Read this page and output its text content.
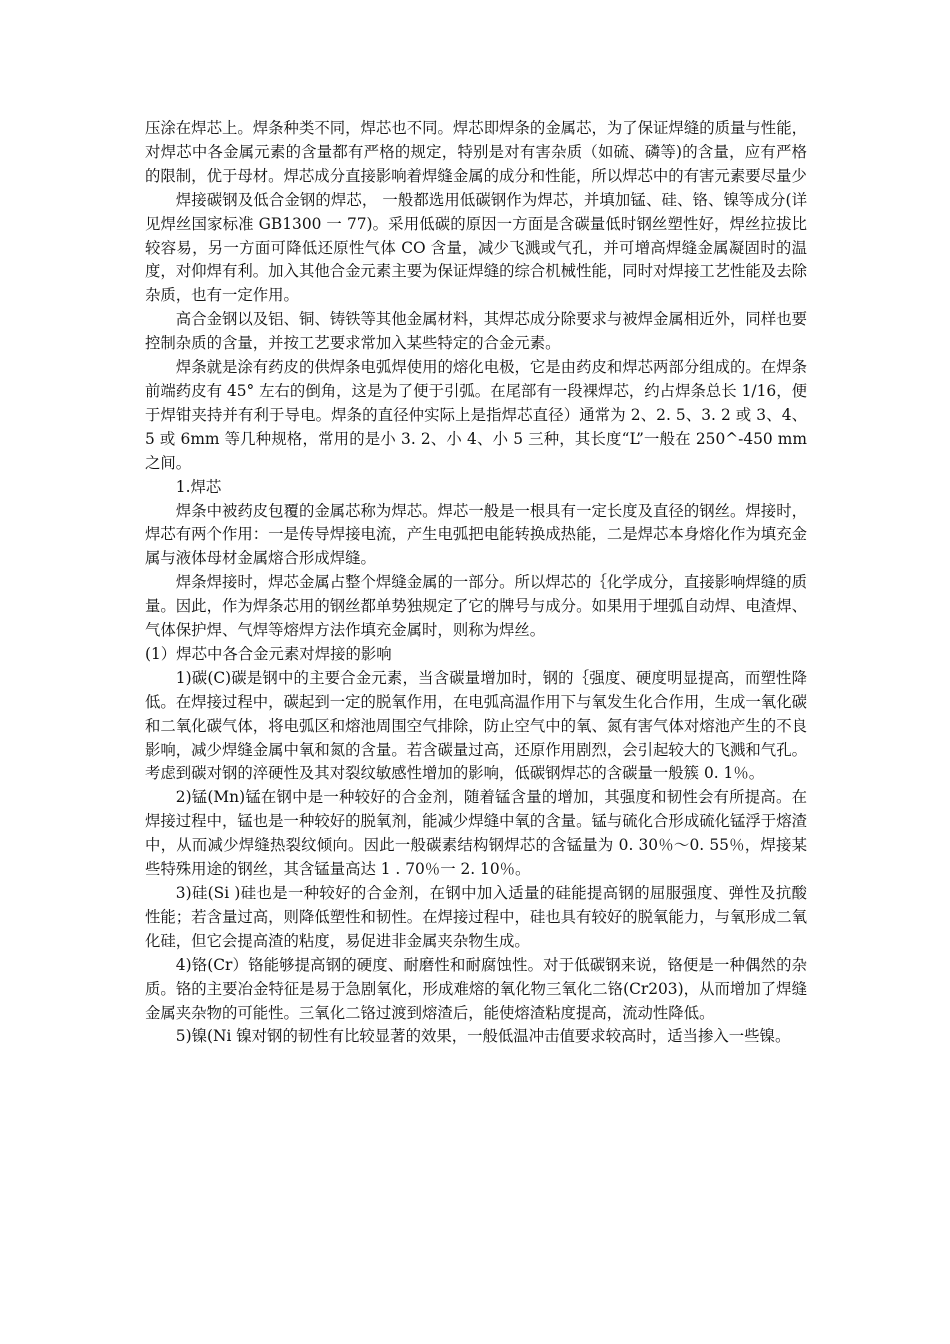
压涂在焊芯上。焊条种类不同，焊芯也不同。焊芯即焊条的金属芯，为了保证焊缝的质量与性能，对焊芯中各金属元素的含量都有严格的规定，特别是对有害杂质（如硫、磷等)的含量，应有严格的限制，优于母材。焊芯成分直接影响着焊缝金属的成分和性能，所以焊芯中的有害元素要尽量少

焊接碳钢及低合金钢的焊芯， 一般都选用低碳钢作为焊芯，并填加锰、硅、铬、镍等成分(详见焊丝国家标准 GB1300 一 77)。采用低碳的原因一方面是含碳量低时钢丝塑性好，焊丝拉拔比较容易，另一方面可降低还原性气体 CO 含量，减少飞溅或气孔，并可增高焊缝金属凝固时的温度，对仰焊有利。加入其他合金元素主要为保证焊缝的综合机械性能，同时对焊接工艺性能及去除杂质，也有一定作用。

高合金钢以及铝、铜、铸铁等其他金属材料，其焊芯成分除要求与被焊金属相近外，同样也要控制杂质的含量，并按工艺要求常加入某些特定的合金元素。

焊条就是涂有药皮的供焊条电弧焊使用的熔化电极，它是由药皮和焊芯两部分组成的。在焊条前端药皮有 45° 左右的倒角，这是为了便于引弧。在尾部有一段裸焊芯，约占焊条总长 1/16，便于焊钳夹持并有利于导电。焊条的直径仲实际上是指焊芯直径）通常为 2、2. 5、3. 2 或 3、4、5 或 6mm 等几种规格，常用的是小 3. 2、小 4、小 5 三种，其长度“L”一般在 250^-450 mm 之间。

1.焊芯

焊条中被药皮包覆的金属芯称为焊芯。焊芯一般是一根具有一定长度及直径的钢丝。焊接时，焊芯有两个作用：一是传导焊接电流，产生电弧把电能转换成热能，二是焊芯本身熔化作为填充金属与液体母材金属熔合形成焊缝。

焊条焊接时，焊芯金属占整个焊缝金属的一部分。所以焊芯的｛化学成分，直接影响焊缝的质量。因此，作为焊条芯用的钢丝都单势独规定了它的牌号与成分。如果用于埋弧自动焊、电渣焊、气体保护焊、气焊等熔焊方法作填充金属时，则称为焊丝。

(1）焊芯中各合金元素对焊接的影响

1)碳(C)碳是钢中的主要合金元素，当含碳量增加时，钢的｛强度、硬度明显提高，而塑性降低。在焊接过程中，碳起到一定的脱氧作用，在电弧高温作用下与氧发生化合作用，生成一氧化碳和二氧化碳气体，将电弧区和熔池周围空气排除，防止空气中的氧、氮有害气体对熔池产生的不良影响，减少焊缝金属中氧和氮的含量。若含碳量过高，还原作用剧烈，会引起较大的飞溅和气孔。考虑到碳对钢的淬硬性及其对裂纹敏感性增加的影响，低碳钢焊芯的含碳量一般簇 0. 1％。

2)锰(Mn)锰在钢中是一种较好的合金剂，随着锰含量的增加，其强度和韧性会有所提高。在焊接过程中，锰也是一种较好的脱氧剂，能减少焊缝中氧的含量。锰与硫化合形成硫化锰浮于熔渣中，从而减少焊缝热裂纹倾向。因此一般碳素结构钢焊芯的含锰量为 0. 30％～0. 55％，焊接某些特殊用途的钢丝，其含锰量高达 1 . 70％一 2. 10％。

3)硅(Si )硅也是一种较好的合金剂，在钢中加入适量的硅能提高钢的屈服强度、弹性及抗酸性能；若含量过高，则降低塑性和韧性。在焊接过程中，硅也具有较好的脱氧能力，与氧形成二氧化硅，但它会提高渣的粘度，易促进非金属夹杂物生成。

4)铬(Cr）铬能够提高钢的硬度、耐磨性和耐腐蚀性。对于低碳钢来说，铬便是一种偶然的杂质。铬的主要冶金特征是易于急剧氧化，形成难熔的氧化物三氧化二铬(Cr203)，从而增加了焊缝金属夹杂物的可能性。三氧化二铬过渡到熔渣后，能使熔渣粘度提高，流动性降低。

5)镍(Ni 镍对钢的韧性有比较显著的效果，一般低温冲击值要求较高时，适当掺入一些镍。
